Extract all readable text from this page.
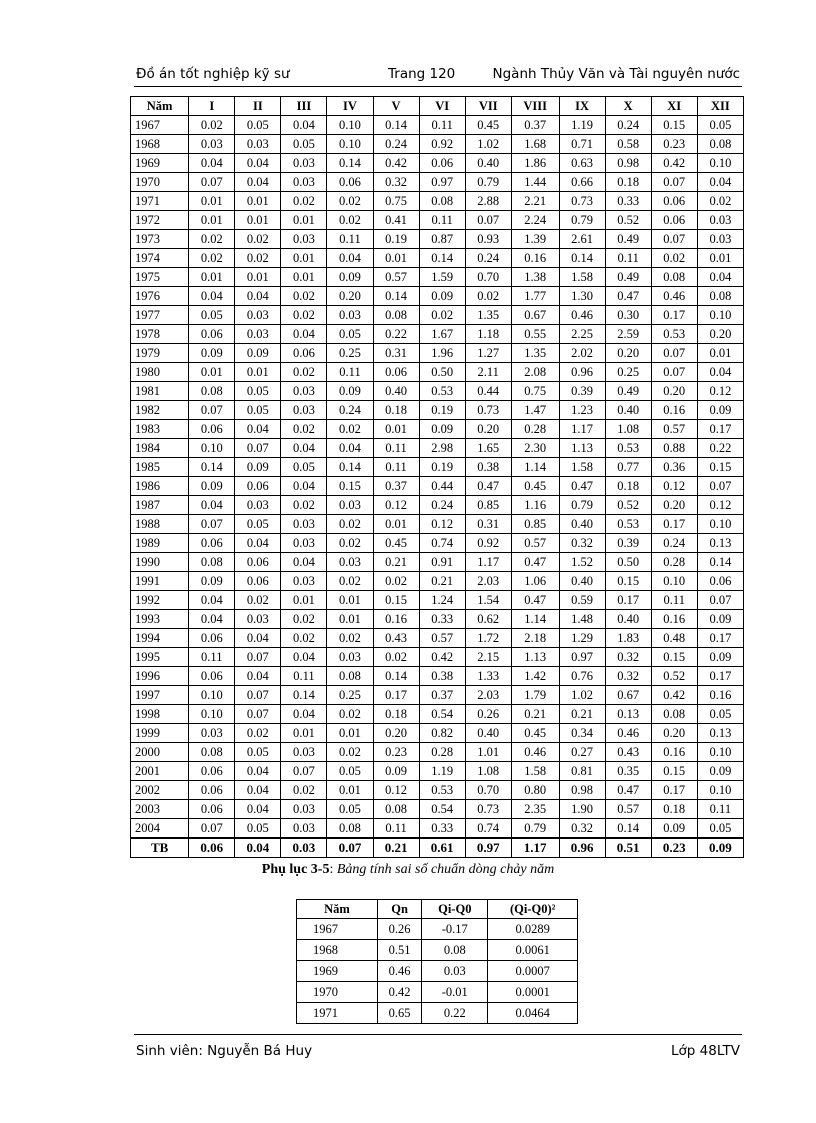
Đồ án tốt nghiệp kỹ sư	Trang 120	Ngành Thủy Văn và Tài nguyên nước
Năm	I	II	III	IV	V	VI	VII	VIII	IX	X	XI	XII
1967	0.02	0.05	0.04	0.10	0.14	0.11	0.45	0.37	1.19	0.24	0.15	0.05
1968	0.03	0.03	0.05	0.10	0.24	0.92	1.02	1.68	0.71	0.58	0.23	0.08
1969	0.04	0.04	0.03	0.14	0.42	0.06	0.40	1.86	0.63	0.98	0.42	0.10
1970	0.07	0.04	0.03	0.06	0.32	0.97	0.79	1.44	0.66	0.18	0.07	0.04
1971	0.01	0.01	0.02	0.02	0.75	0.08	2.88	2.21	0.73	0.33	0.06	0.02
1972	0.01	0.01	0.01	0.02	0.41	0.11	0.07	2.24	0.79	0.52	0.06	0.03
1973	0.02	0.02	0.03	0.11	0.19	0.87	0.93	1.39	2.61	0.49	0.07	0.03
1974	0.02	0.02	0.01	0.04	0.01	0.14	0.24	0.16	0.14	0.11	0.02	0.01
1975	0.01	0.01	0.01	0.09	0.57	1.59	0.70	1.38	1.58	0.49	0.08	0.04
1976	0.04	0.04	0.02	0.20	0.14	0.09	0.02	1.77	1.30	0.47	0.46	0.08
1977	0.05	0.03	0.02	0.03	0.08	0.02	1.35	0.67	0.46	0.30	0.17	0.10
1978	0.06	0.03	0.04	0.05	0.22	1.67	1.18	0.55	2.25	2.59	0.53	0.20
1979	0.09	0.09	0.06	0.25	0.31	1.96	1.27	1.35	2.02	0.20	0.07	0.01
1980	0.01	0.01	0.02	0.11	0.06	0.50	2.11	2.08	0.96	0.25	0.07	0.04
1981	0.08	0.05	0.03	0.09	0.40	0.53	0.44	0.75	0.39	0.49	0.20	0.12
1982	0.07	0.05	0.03	0.24	0.18	0.19	0.73	1.47	1.23	0.40	0.16	0.09
1983	0.06	0.04	0.02	0.02	0.01	0.09	0.20	0.28	1.17	1.08	0.57	0.17
1984	0.10	0.07	0.04	0.04	0.11	2.98	1.65	2.30	1.13	0.53	0.88	0.22
1985	0.14	0.09	0.05	0.14	0.11	0.19	0.38	1.14	1.58	0.77	0.36	0.15
1986	0.09	0.06	0.04	0.15	0.37	0.44	0.47	0.45	0.47	0.18	0.12	0.07
1987	0.04	0.03	0.02	0.03	0.12	0.24	0.85	1.16	0.79	0.52	0.20	0.12
1988	0.07	0.05	0.03	0.02	0.01	0.12	0.31	0.85	0.40	0.53	0.17	0.10
1989	0.06	0.04	0.03	0.02	0.45	0.74	0.92	0.57	0.32	0.39	0.24	0.13
1990	0.08	0.06	0.04	0.03	0.21	0.91	1.17	0.47	1.52	0.50	0.28	0.14
1991	0.09	0.06	0.03	0.02	0.02	0.21	2.03	1.06	0.40	0.15	0.10	0.06
1992	0.04	0.02	0.01	0.01	0.15	1.24	1.54	0.47	0.59	0.17	0.11	0.07
1993	0.04	0.03	0.02	0.01	0.16	0.33	0.62	1.14	1.48	0.40	0.16	0.09
1994	0.06	0.04	0.02	0.02	0.43	0.57	1.72	2.18	1.29	1.83	0.48	0.17
1995	0.11	0.07	0.04	0.03	0.02	0.42	2.15	1.13	0.97	0.32	0.15	0.09
1996	0.06	0.04	0.11	0.08	0.14	0.38	1.33	1.42	0.76	0.32	0.52	0.17
1997	0.10	0.07	0.14	0.25	0.17	0.37	2.03	1.79	1.02	0.67	0.42	0.16
1998	0.10	0.07	0.04	0.02	0.18	0.54	0.26	0.21	0.21	0.13	0.08	0.05
1999	0.03	0.02	0.01	0.01	0.20	0.82	0.40	0.45	0.34	0.46	0.20	0.13
2000	0.08	0.05	0.03	0.02	0.23	0.28	1.01	0.46	0.27	0.43	0.16	0.10
2001	0.06	0.04	0.07	0.05	0.09	1.19	1.08	1.58	0.81	0.35	0.15	0.09
2002	0.06	0.04	0.02	0.01	0.12	0.53	0.70	0.80	0.98	0.47	0.17	0.10
2003	0.06	0.04	0.03	0.05	0.08	0.54	0.73	2.35	1.90	0.57	0.18	0.11
2004	0.07	0.05	0.03	0.08	0.11	0.33	0.74	0.79	0.32	0.14	0.09	0.05
TB	0.06	0.04	0.03	0.07	0.21	0.61	0.97	1.17	0.96	0.51	0.23	0.09
Phụ lục 3-5: Bảng tính sai số chuẩn dòng chảy năm
Năm	Qn	Qi-Q0	(Qi-Q0)²
1967	0.26	-0.17	0.0289
1968	0.51	0.08	0.0061
1969	0.46	0.03	0.0007
1970	0.42	-0.01	0.0001
1971	0.65	0.22	0.0464
Sinh viên: Nguyễn Bá Huy	Lớp 48LTV
